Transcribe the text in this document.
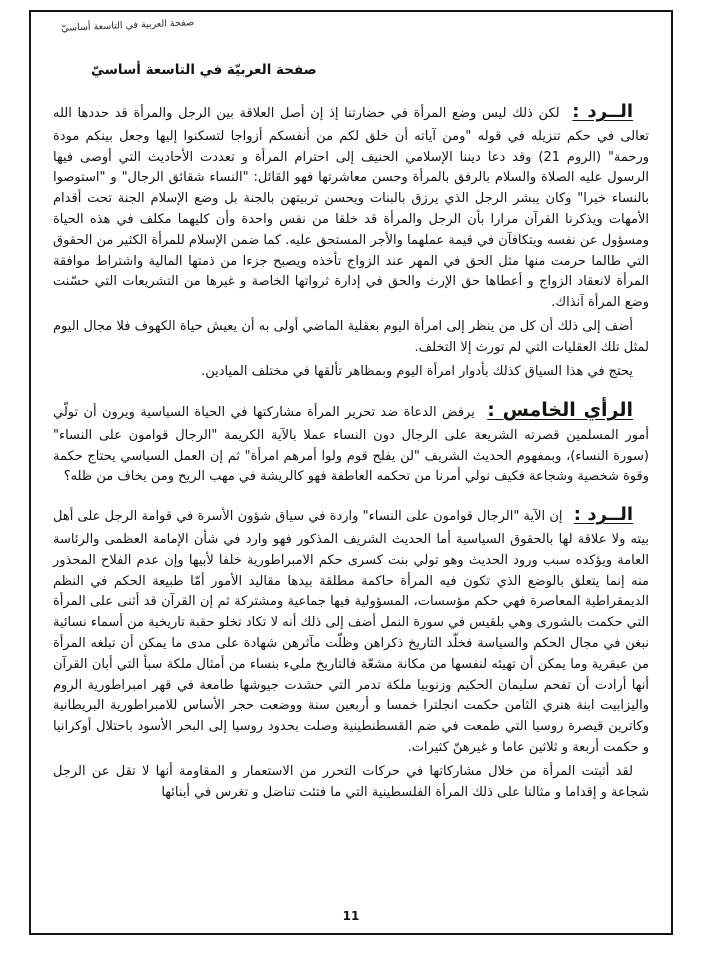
صفحة العربية في التاسعة أساسيّ
صفحة العربيّة في التاسعة أساسيّ

الــرد : لكن ذلك ليس وضع المرأة في حضارتنا إذ إن أصل العلاقة بين الرجل والمرأة قد حددها الله تعالى في حكم تنزيله في قوله "ومن آياته أن خلق لكم من أنفسكم أزواجا لتسكنوا إليها وجعل بينكم مودة ورحمة" (الروم 21) وقد دعا ديننا الإسلامي الحنيف إلى احترام المرأة و تعددت الأحاديث التي أوصى فيها الرسول عليه الصلاة والسلام بالرفق بالمرأة وحسن معاشرتها فهو القائل: "النساء شقائق الرجال" و "استوصوا بالنساء خيرا" وكان يبشر الرجل الذي يرزق بالبنات ويحسن تربيتهن بالجنة بل وضع الإسلام الجنة تحت أقدام الأمهات ويذكرنا القرآن مرارا بأن الرجل والمرأة قد خلقا من نفس واحدة وأن كليهما مكلف في هذه الحياة ومسؤول عن نفسه ويتكافآن في قيمة عملهما والأجر المستحق عليه. كما ضمن الإسلام للمرأة الكثير من الحقوق التي طالما حرمت منها مثل الحق في المهر عند الزواج تأخذه ويصبح جزءا من ذمتها المالية واشتراط موافقة المرأة لانعقاد الزواج و أعطاها حق الإرث والحق في إدارة ثرواتها الخاصة و غيرها من التشريعات التي حسّنت وضع المرأة آنذاك.

أضف إلى ذلك أن كل من ينظر إلى امرأة اليوم بعقلية الماضي أولى به أن يعيش حياة الكهوف فلا مجال اليوم لمثل تلك العقليات التي لم تورث إلا التخلف.

يحتج في هذا السياق كذلك بأدوار امرأة اليوم وبمظاهر تألقها في مختلف الميادين.

الرأي الخامس : يرفض الدعاة ضد تحرير المرأة مشاركتها في الحياة السياسية ويرون أن تولّي أمور المسلمين قصرته الشريعة على الرجال دون النساء عملا بالآية الكريمة "الرجال قوامون على النساء" (سورة النساء)، وبمفهوم الحديث الشريف "لن يفلح قوم ولوا أمرهم امرأة" ثم إن العمل السياسي يحتاج حكمة وقوة شخصية وشجاعة فكيف نولي أمرنا من تحكمه العاطفة فهو كالريشة في مهب الريح ومن يخاف من ظله؟

الــرد : إن الآية "الرجال قوامون على النساء" واردة في سياق شؤون الأسرة في قوامة الرجل على أهل بيته ولا علاقة لها بالحقوق السياسية أما الحديث الشريف المذكور فهو وارد في شأن الإمامة العظمى والرئاسة العامة ويؤكده سبب ورود الحديث وهو تولي بنت كسرى حكم الامبراطورية خلفا لأبيها وإن عدم الفلاح المحذور منه إنما يتعلق بالوضع الذي تكون فيه المرأة حاكمة مطلقة بيدها مقاليد الأمور أمّا طبيعة الحكم في النظم الديمقراطية المعاصرة فهي حكم مؤسسات، المسؤولية فيها جماعية ومشتركة ثم إن القرآن قد أثنى على المرأة التي حكمت بالشورى وهي بلقيس في سورة النمل أضف إلى ذلك أنه لا تكاد تخلو حقبة تاريخية من أسماء نسائية نبغن في مجال الحكم والسياسة فخلّد التاريخ ذكراهن وظلّت مآثرهن شهادة على مدى ما يمكن أن تبلغه المرأة من عبقرية وما يمكن أن تهيئه لنفسها من مكانة مشعّة فالتاريخ مليء بنساء من أمثال ملكة سبأ التي أبان القرآن أنها أرادت أن تفحم سليمان الحكيم وزنوبيا ملكة تدمر التي حشدت جيوشها طامعة في قهر امبراطورية الروم واليزابيت ابنة هنري الثامن حكمت انجلترا خمسا و أربعين سنة ووضعت حجر الأساس للامبراطورية البريطانية وكاترين قيصرة روسيا التي طمعت في ضم القسطنطينية وصلت بحدود روسيا إلى البحر الأسود باحتلال أوكرانيا و حكمت أربعة و ثلاثين عاما و غيرهنّ كثيرات.

لقد أثبتت المرأة من خلال مشاركاتها في حركات التحرر من الاستعمار و المقاومة أنها لا تقل عن الرجل شجاعة و إقداما و مثالنا على ذلك المرأة الفلسطينية التي ما فتئت تناضل و تغرس في أبنائها

11
